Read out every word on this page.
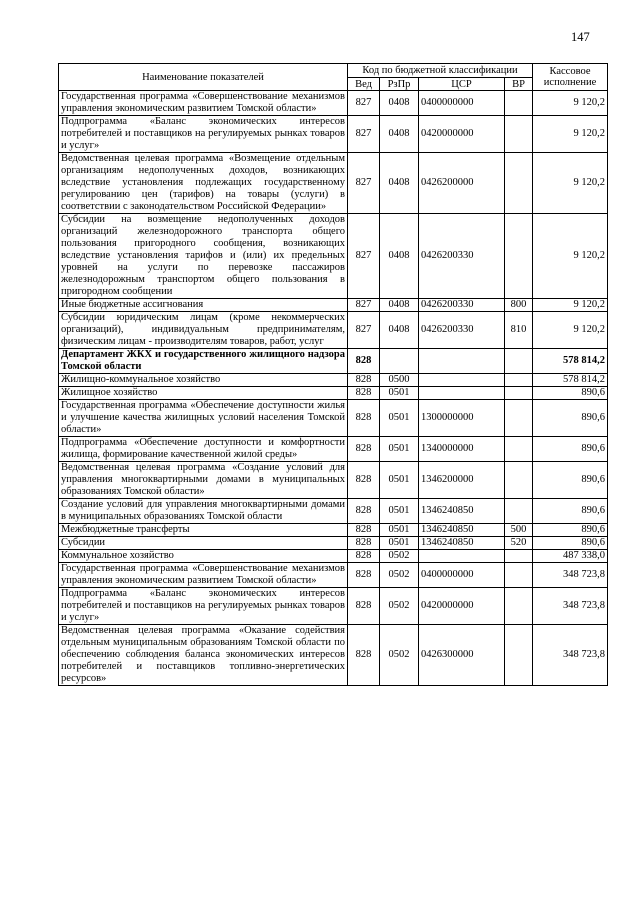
147
Наименование показателей	Код по бюджетной классификации				Кассовое исполнение
	Вед	РзПр	ЦСР	ВР	
Государственная программа «Совершенствование механизмов управления экономическим развитием Томской области»	827	0408	0400000000		9 120,2
Подпрограмма «Баланс экономических интересов потребителей и поставщиков на регулируемых рынках товаров и услуг»	827	0408	0420000000		9 120,2
Ведомственная целевая программа «Возмещение отдельным организациям недополученных доходов, возникающих вследствие установления подлежащих государственному регулированию цен (тарифов) на товары (услуги) в соответствии с законодательством Российской Федерации»	827	0408	0426200000		9 120,2
Субсидии на возмещение недополученных доходов организаций железнодорожного транспорта общего пользования пригородного сообщения, возникающих вследствие установления тарифов и (или) их предельных уровней на услуги по перевозке пассажиров железнодорожным транспортом общего пользования в пригородном сообщении	827	0408	0426200330		9 120,2
Иные бюджетные ассигнования	827	0408	0426200330	800	9 120,2
Субсидии юридическим лицам (кроме некоммерческих организаций), индивидуальным предпринимателям, физическим лицам - производителям товаров, работ, услуг	827	0408	0426200330	810	9 120,2
Департамент ЖКХ и государственного жилищного надзора Томской области	828				578 814,2
Жилищно-коммунальное хозяйство	828	0500			578 814,2
Жилищное хозяйство	828	0501			890,6
Государственная программа «Обеспечение доступности жилья и улучшение качества жилищных условий населения Томской области»	828	0501	1300000000		890,6
Подпрограмма «Обеспечение доступности и комфортности жилища, формирование качественной жилой среды»	828	0501	1340000000		890,6
Ведомственная целевая программа «Создание условий для управления многоквартирными домами в муниципальных образованиях Томской области»	828	0501	1346200000		890,6
Создание условий для управления многоквартирными домами в муниципальных образованиях Томской области	828	0501	1346240850		890,6
Межбюджетные трансферты	828	0501	1346240850	500	890,6
Субсидии	828	0501	1346240850	520	890,6
Коммунальное хозяйство	828	0502			487 338,0
Государственная программа «Совершенствование механизмов управления экономическим развитием Томской области»	828	0502	0400000000		348 723,8
Подпрограмма «Баланс экономических интересов потребителей и поставщиков на регулируемых рынках товаров и услуг»	828	0502	0420000000		348 723,8
Ведомственная целевая программа «Оказание содействия отдельным муниципальным образованиям Томской области по обеспечению соблюдения баланса экономических интересов потребителей и поставщиков топливно-энергетических ресурсов»	828	0502	0426300000		348 723,8
